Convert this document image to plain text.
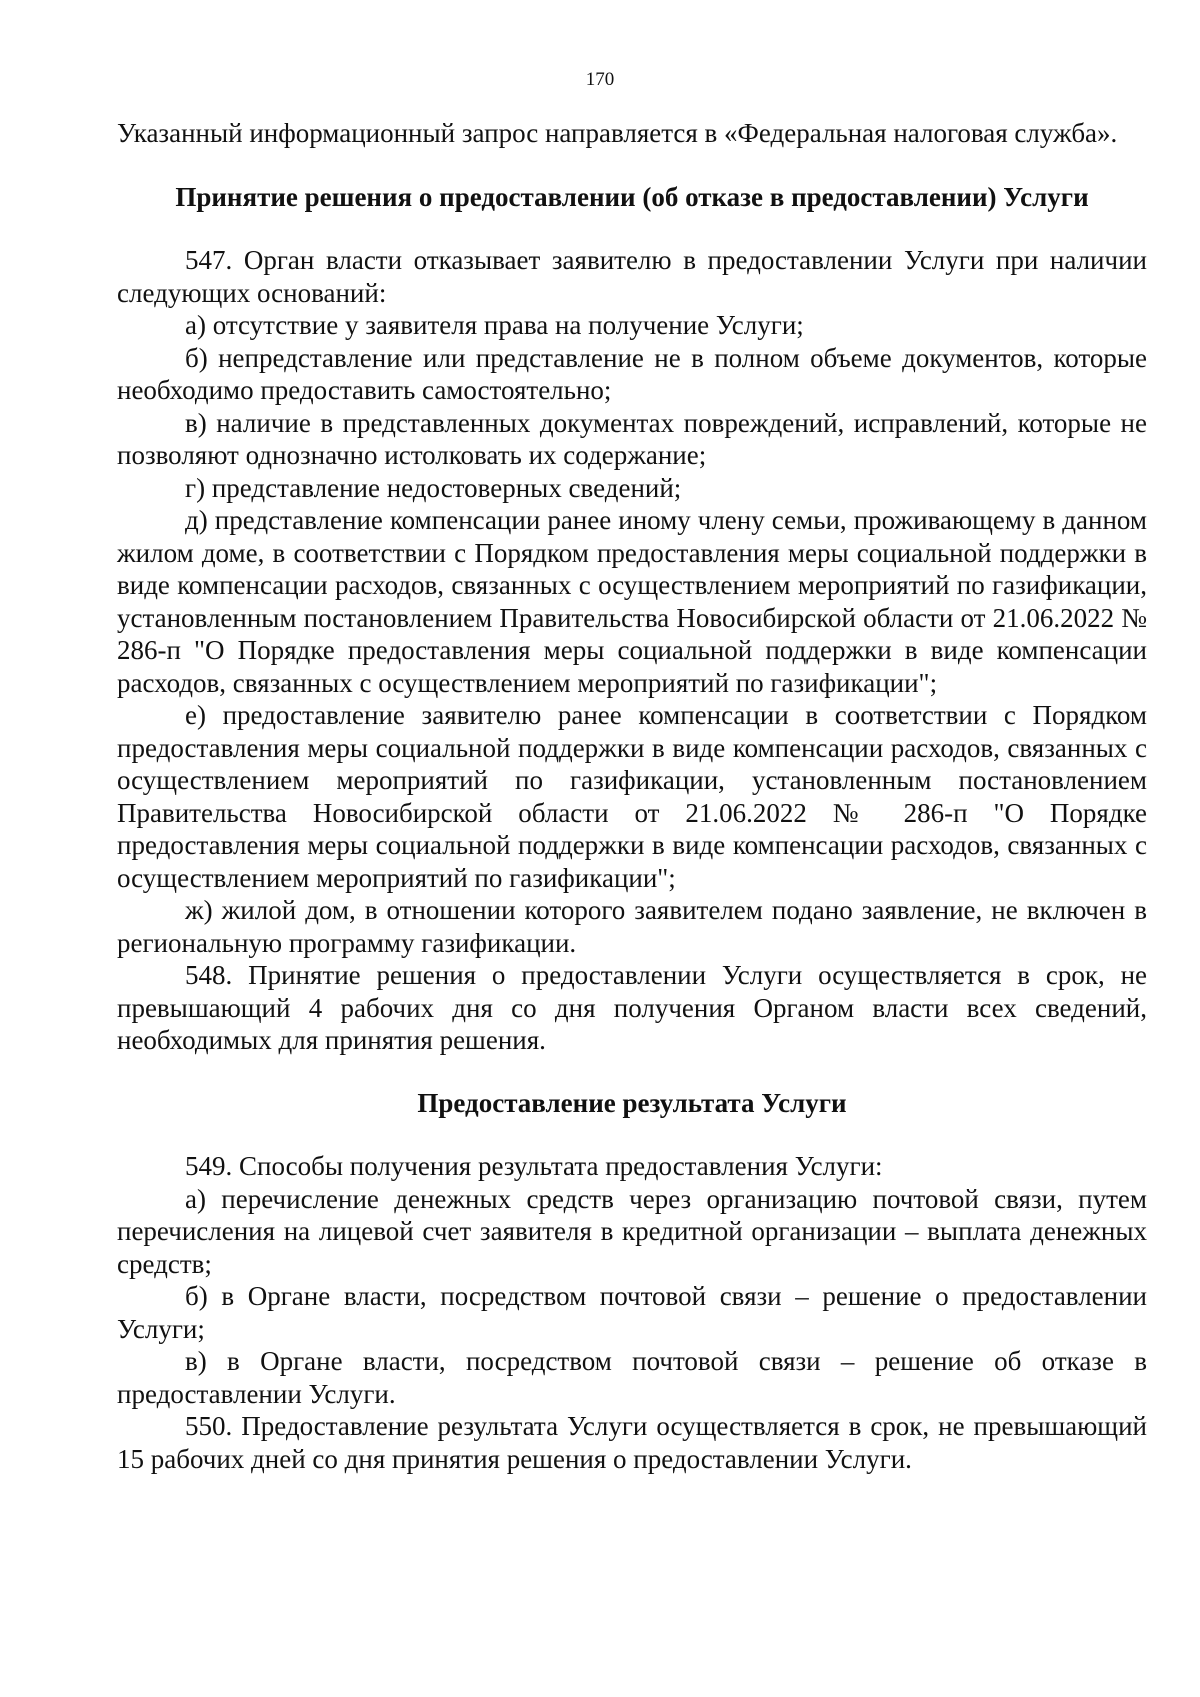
170

Указанный информационный запрос направляется в «Федеральная налоговая служба».

Принятие решения о предоставлении (об отказе в предоставлении) Услуги

547. Орган власти отказывает заявителю в предоставлении Услуги при наличии следующих оснований:

а) отсутствие у заявителя права на получение Услуги;

б) непредставление или представление не в полном объеме документов, которые необходимо предоставить самостоятельно;

в) наличие в представленных документах повреждений, исправлений, которые не позволяют однозначно истолковать их содержание;

г) представление недостоверных сведений;

д) представление компенсации ранее иному члену семьи, проживающему в данном жилом доме, в соответствии с Порядком предоставления меры социальной поддержки в виде компенсации расходов, связанных с осуществлением мероприятий по газификации, установленным постановлением Правительства Новосибирской области от 21.06.2022 № 286-п "О Порядке предоставления меры социальной поддержки в виде компенсации расходов, связанных с осуществлением мероприятий по газификации";

е) предоставление заявителю ранее компенсации в соответствии с Порядком предоставления меры социальной поддержки в виде компенсации расходов, связанных с осуществлением мероприятий по газификации, установленным постановлением Правительства Новосибирской области от 21.06.2022 № 286-п "О Порядке предоставления меры социальной поддержки в виде компенсации расходов, связанных с осуществлением мероприятий по газификации";

ж) жилой дом, в отношении которого заявителем подано заявление, не включен в региональную программу газификации.

548. Принятие решения о предоставлении Услуги осуществляется в срок, не превышающий 4 рабочих дня со дня получения Органом власти всех сведений, необходимых для принятия решения.

Предоставление результата Услуги

549. Способы получения результата предоставления Услуги:

а) перечисление денежных средств через организацию почтовой связи, путем перечисления на лицевой счет заявителя в кредитной организации – выплата денежных средств;

б) в Органе власти, посредством почтовой связи – решение о предоставлении Услуги;

в) в Органе власти, посредством почтовой связи – решение об отказе в предоставлении Услуги.

550. Предоставление результата Услуги осуществляется в срок, не превышающий 15 рабочих дней со дня принятия решения о предоставлении Услуги.
